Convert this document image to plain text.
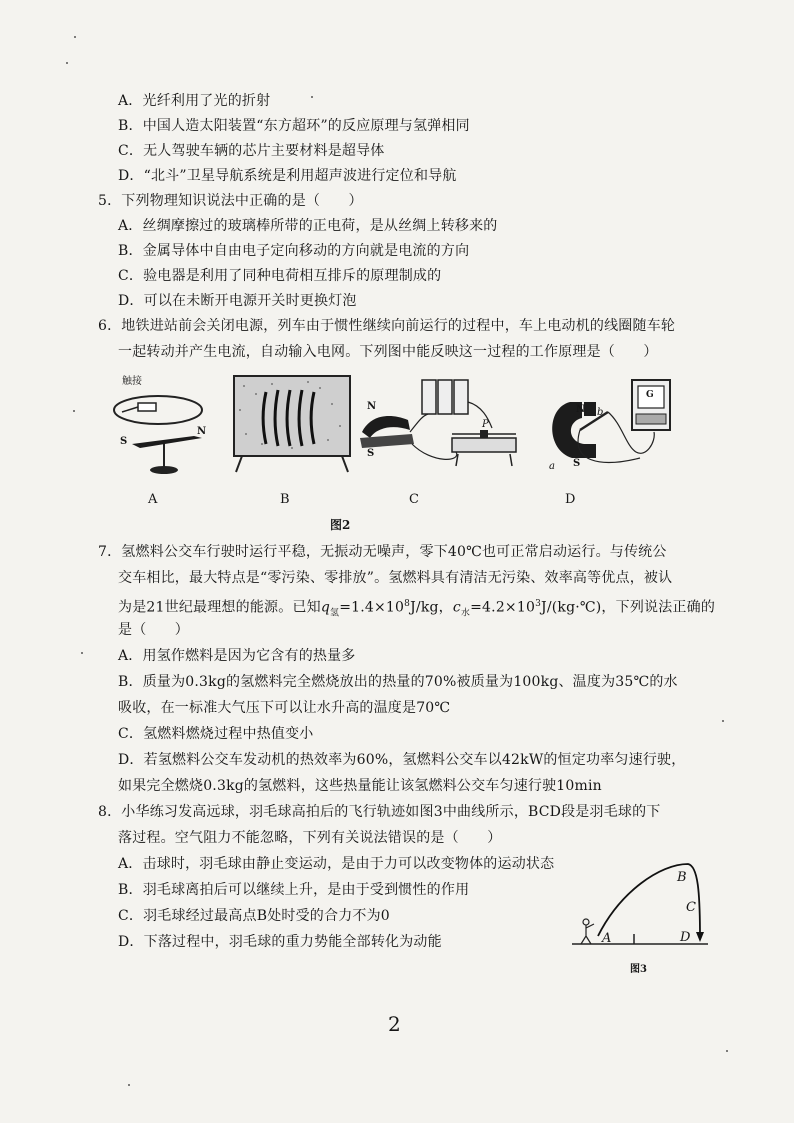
A．光纤利用了光的折射
B．中国人造太阳装置“东方超环”的反应原理与氢弹相同
C．无人驾驶车辆的芯片主要材料是超导体
D．“北斗”卫星导航系统是利用超声波进行定位和导航
5．下列物理知识说法中正确的是（　　）
A．丝绸摩擦过的玻璃棒所带的正电荷，是从丝绸上转移来的
B．金属导体中自由电子定向移动的方向就是电流的方向
C．验电器是利用了同种电荷相互排斥的原理制成的
D．可以在未断开电源开关时更换灯泡
6．地铁进站前会关闭电源，列车由于惯性继续向前运行的过程中，车上电动机的线圈随车轮
一起转动并产生电流，自动输入电网。下列图中能反映这一过程的工作原理是（　　）
触接
S
N
N
S
P
N b
a S
G
A	B	C	D
图2
7．氢燃料公交车行驶时运行平稳，无振动无噪声，零下40℃也可正常启动运行。与传统公
交车相比，最大特点是“零污染、零排放”。氢燃料具有清洁无污染、效率高等优点，被认
为是21世纪最理想的能源。已知$q_氢=1.4\times 10^8J/kg$，$c_水=4.2\times 10^3J/(kg\cdot℃)$，下列说法正确的
是（　　）
A．用氢作燃料是因为它含有的热量多
B．质量为0.3kg的氢燃料完全燃烧放出的热量的70%被质量为100kg、温度为35℃的水
吸收，在一标准大气压下可以让水升高的温度是70℃
C．氢燃料燃烧过程中热值变小
D．若氢燃料公交车发动机的热效率为60%，氢燃料公交车以42kW的恒定功率匀速行驶，
如果完全燃烧0.3kg的氢燃料，这些热量能让该氢燃料公交车匀速行驶10min
8．小华练习发高远球，羽毛球高拍后的飞行轨迹如图3中曲线所示，BCD段是羽毛球的下
落过程。空气阻力不能忽略，下列有关说法错误的是（　　）
A．击球时，羽毛球由静止变运动，是由于力可以改变物体的运动状态
B．羽毛球离拍后可以继续上升，是由于受到惯性的作用
C．羽毛球经过最高点B处时受的合力不为0
D．下落过程中，羽毛球的重力势能全部转化为动能	A
B
C
D
图3
2
